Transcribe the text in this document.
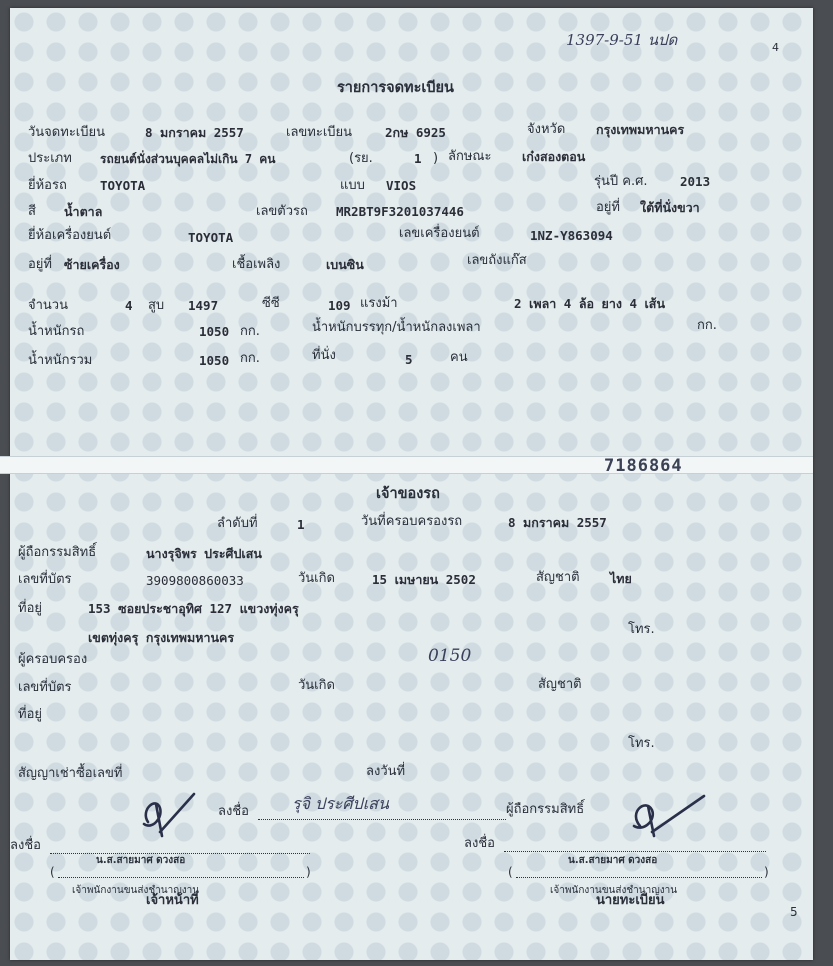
1397-9-51 นปด	4
รายการจดทะเบียน
วันจดทะเบียน	8 มกราคม 2557	เลขทะเบียน	2กษ 6925	จังหวัด กรุงเทพมหานคร
ประเภท รถยนต์นั่งส่วนบุคคลไม่เกิน 7 คน	(รย.	1 ) ลักษณะ เก๋งสองตอน
ยี่ห้อรถ	TOYOTA	แบบ VIOS	รุ่นปี ค.ศ.	2013
สี น้ำตาล	เลขตัวรถ MR2BT9F3201037446	อยู่ที่ ใต้ที่นั่งขวา
ยี่ห้อเครื่องยนต์	TOYOTA	เลขเครื่องยนต์	1NZ-Y863094
อยู่ที่ ซ้ายเครื่อง	เชื้อเพลิง	เบนซิน	เลขถังแก๊ส
จำนวน	4 สูบ 1497	ซีซี	109 แรงม้า	2 เพลา 4 ล้อ ยาง 4 เส้น
น้ำหนักรถ	1050 กก.	น้ำหนักบรรทุก/น้ำหนักลงเพลา	กก.
น้ำหนักรวม	1050 กก.	ที่นั่ง	5	คน
7186864
เจ้าของรถ
ลำดับที่	1	วันที่ครอบครองรถ	8 มกราคม 2557
ผู้ถือกรรมสิทธิ์	นางรุจิพร ประศีปเสน
เลขที่บัตร	3909800860033	วันเกิด	15 เมษายน 2502	สัญชาติ ไทย
ที่อยู่	153 ซอยประชาอุทิศ 127 แขวงทุ่งครุ
เขตทุ่งครุ กรุงเทพมหานคร
โทร.
ผู้ครอบครอง	0150
เลขที่บัตร	วันเกิด	สัญชาติ
ที่อยู่
โทร.
สัญญาเช่าซื้อเลขที่	ลงวันที่
ลงชื่อ	รุจิ ประศีปเสน	ผู้ถือกรรมสิทธิ์
ลงชื่อ
น.ส.สายมาศ ดวงสอ
(	)
เจ้าพนักงานขนส่งชำนาญงาน
เจ้าหน้าที่
ลงชื่อ
น.ส.สายมาศ ดวงสอ
(	)
เจ้าพนักงานขนส่งชำนาญงาน
นายทะเบียน
5
